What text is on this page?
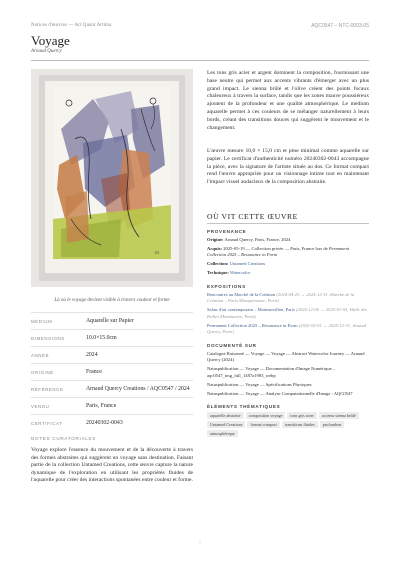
Notices d'œuvres — Art Quant Artima	AQC0547 – NTC-0003-05
Voyage
Arnaud Quercy
m
Là où le voyage devient visible à travers couleur et forme
MÉDIUM	Aquarelle sur Papier
DIMENSIONS	10.0×15.0cm
ANNÉE	2024
ORIGINE	France
RÉFÉRENCE	Arnaud Quercy Creations / AQC0547 / 2024
VENDU	Paris, France
CERTIFICAT	20240302-0043
NOTES CURATORIALES

Voyage explore l'essence du mouvement et de la découverte à travers des formes abstraites qui suggèrent un voyage sans destination. Faisant partie de la collection Untamed Creations, cette œuvre capture la nature dynamique de l'exploration en utilisant les propriétés fluides de l'aquarelle pour créer des interactions spontanées entre couleur et forme.

Les tons gris acier et argent dominent la composition, fournissant une base neutre qui permet aux accents vibrants d'émerger avec un plus grand impact. Le sienna brûlé et l'olive créent des points focaux chaleureux à travers la surface, tandis que les zones mauve poussiéreux ajoutent de la profondeur et une qualité atmosphérique. Le medium aquarelle permet à ces couleurs de se mélanger naturellement à leurs bords, créant des transitions douces qui suggèrent le mouvement et le changement.

L'œuvre mesure 10,0 × 15,0 cm et pèse minimal comme aquarelle sur papier. Le certificat d'authenticité numéro 20240302-0043 accompagne la pièce, avec la signature de l'artiste située au dos. Ce format compact rend l'œuvre appropriée pour un visionnage intime tout en maintenant l'impact visuel audacieux de la composition abstraite.

OÙ VIT CETTE ŒUVRE

PROVENANCE

Origine: Arnaud Quercy, Paris, France, 2024

Acquis: 2025-05-19 — Collection privée — Paris, France lors de Permanent Collection 2025 – Resonance in Form

Collection: Untamed Creations

Technique: Watercolor

EXPOSITIONS

Rencontres au Marché de la Création (2024-04-23 → 2024-12-31, Marché de la Création – Paris Montparnasse, Paris)

Salon d'art contemporain – Montmorillon, Paris (2024-12-06 → 2025-01-05, Halle des Halles Montmartre, Paris)

Permanent Collection 2025 – Resonance in Form (2025-05-01 → 2025-12-31, Arnaud Quercy, Paris)

DOCUMENTÉ SUR

Catalogue Raisonné — Voyage — Voyage — Abstract Watercolor Journey — Arnaud Quercy (2024)

Natuspublication — Voyage — Documentation d'Image Numérique – aqc0547_img_full_1487a1983_webp

Natuspublication — Voyage — Spécifications Physiques

Natuspublication — Voyage — Analyse Computationnelle d'Image : AQC0547

ÉLÉMENTS THÉMATIQUES

aquarelle abstraite	composition voyage	tons gris acier	accents sienna brûlé
Untamed Creations	format compact	transitions fluides	profondeur
atmosphérique
|
